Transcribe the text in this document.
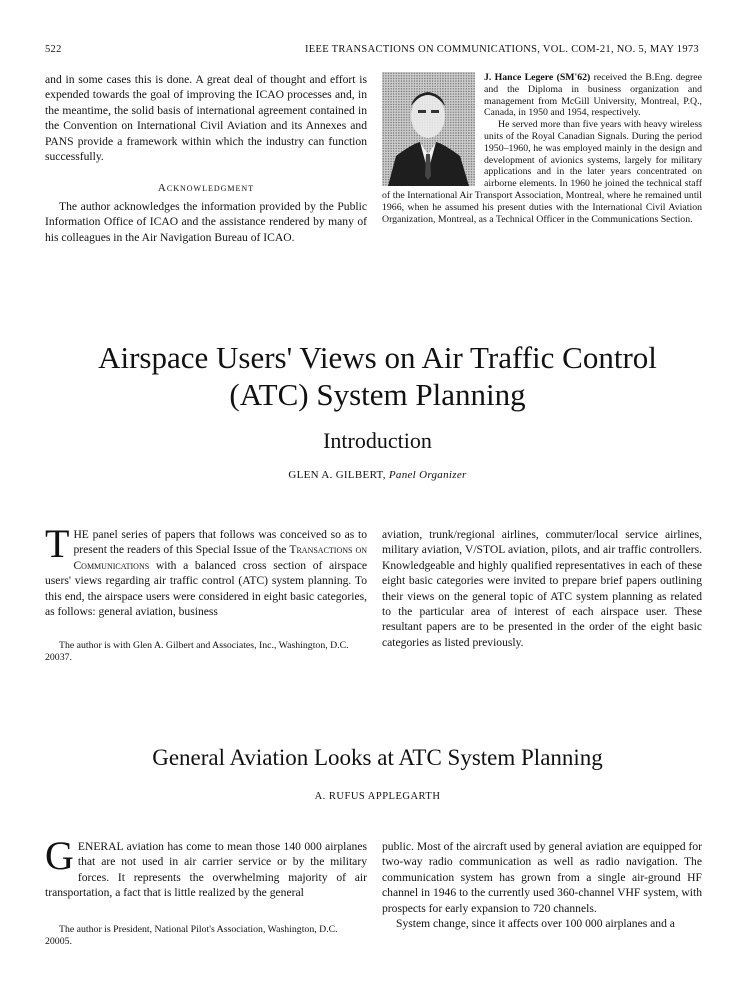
522	IEEE TRANSACTIONS ON COMMUNICATIONS, VOL. COM-21, NO. 5, MAY 1973
and in some cases this is done. A great deal of thought and effort is expended towards the goal of improving the ICAO processes and, in the meantime, the solid basis of international agreement contained in the Convention on International Civil Aviation and its Annexes and PANS provide a framework within which the industry can function successfully.
Acknowledgment
The author acknowledges the information provided by the Public Information Office of ICAO and the assistance rendered by many of his colleagues in the Air Navigation Bureau of ICAO.
J. Hance Legere (SM'62) received the B.Eng. degree and the Diploma in business organization and management from McGill University, Montreal, P.Q., Canada, in 1950 and 1954, respectively.
He served more than five years with heavy wireless units of the Royal Canadian Signals. During the period 1950–1960, he was employed mainly in the design and development of avionics systems, largely for military applications and in the later years concentrated on airborne elements. In 1960 he joined the technical staff of the International Air Transport Association, Montreal, where he remained until 1966, when he assumed his present duties with the International Civil Aviation Organization, Montreal, as a Technical Officer in the Communications Section.
Airspace Users' Views on Air Traffic Control
(ATC) System Planning
Introduction
GLEN A. GILBERT, Panel Organizer
T HE panel series of papers that follows was conceived so as to present the readers of this Special Issue of the Transactions on Communications with a balanced cross section of airspace users' views regarding air traffic control (ATC) system planning. To this end, the airspace users were considered in eight basic categories, as follows: general aviation, business
The author is with Glen A. Gilbert and Associates, Inc., Washington, D.C. 20037.
aviation, trunk/regional airlines, commuter/local service airlines, military aviation, V/STOL aviation, pilots, and air traffic controllers. Knowledgeable and highly qualified representatives in each of these eight basic categories were invited to prepare brief papers outlining their views on the general topic of ATC system planning as related to the particular area of interest of each airspace user. These resultant papers are to be presented in the order of the eight basic categories as listed previously.
General Aviation Looks at ATC System Planning
A. RUFUS APPLEGARTH
G ENERAL aviation has come to mean those 140 000 airplanes that are not used in air carrier service or by the military forces. It represents the overwhelming majority of air transportation, a fact that is little realized by the general
The author is President, National Pilot's Association, Washington, D.C. 20005.
public. Most of the aircraft used by general aviation are equipped for two-way radio communication as well as radio navigation. The communication system has grown from a single air-ground HF channel in 1946 to the currently used 360-channel VHF system, with prospects for early expansion to 720 channels.
System change, since it affects over 100 000 airplanes and a
